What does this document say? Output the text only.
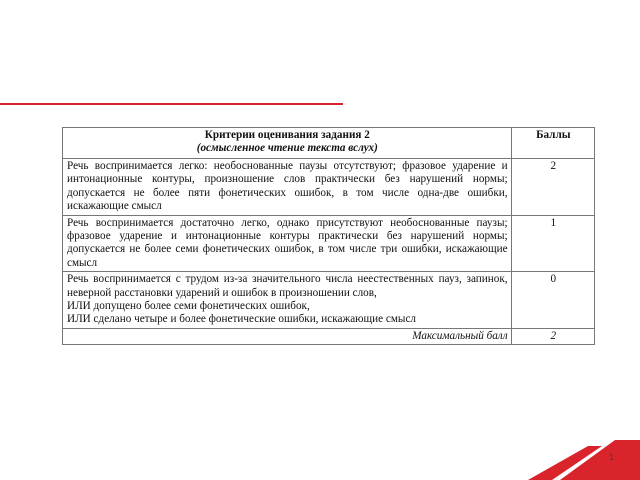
Критерии оценивания задания 2
(осмысленное чтение текста вслух)	Баллы

Речь воспринимается легко: необоснованные паузы отсутствуют; фразовое ударение и интонационные контуры, произношение слов практически без нарушений нормы; допускается не более пяти фонетических ошибок, в том числе одна-две ошибки, искажающие смысл	2

Речь воспринимается достаточно легко, однако присутствуют необоснованные паузы; фразовое ударение и интонационные контуры практически без нарушений нормы; допускается не более семи фонетических ошибок, в том числе три ошибки, искажающие смысл	1

Речь воспринимается с трудом из-за значительного числа неестественных пауз, запинок, неверной расстановки ударений и ошибок в произношении слов,
ИЛИ допущено более семи фонетических ошибок,
ИЛИ сделано четыре и более фонетические ошибки, искажающие смысл	0
Максимальный балл	2
1
